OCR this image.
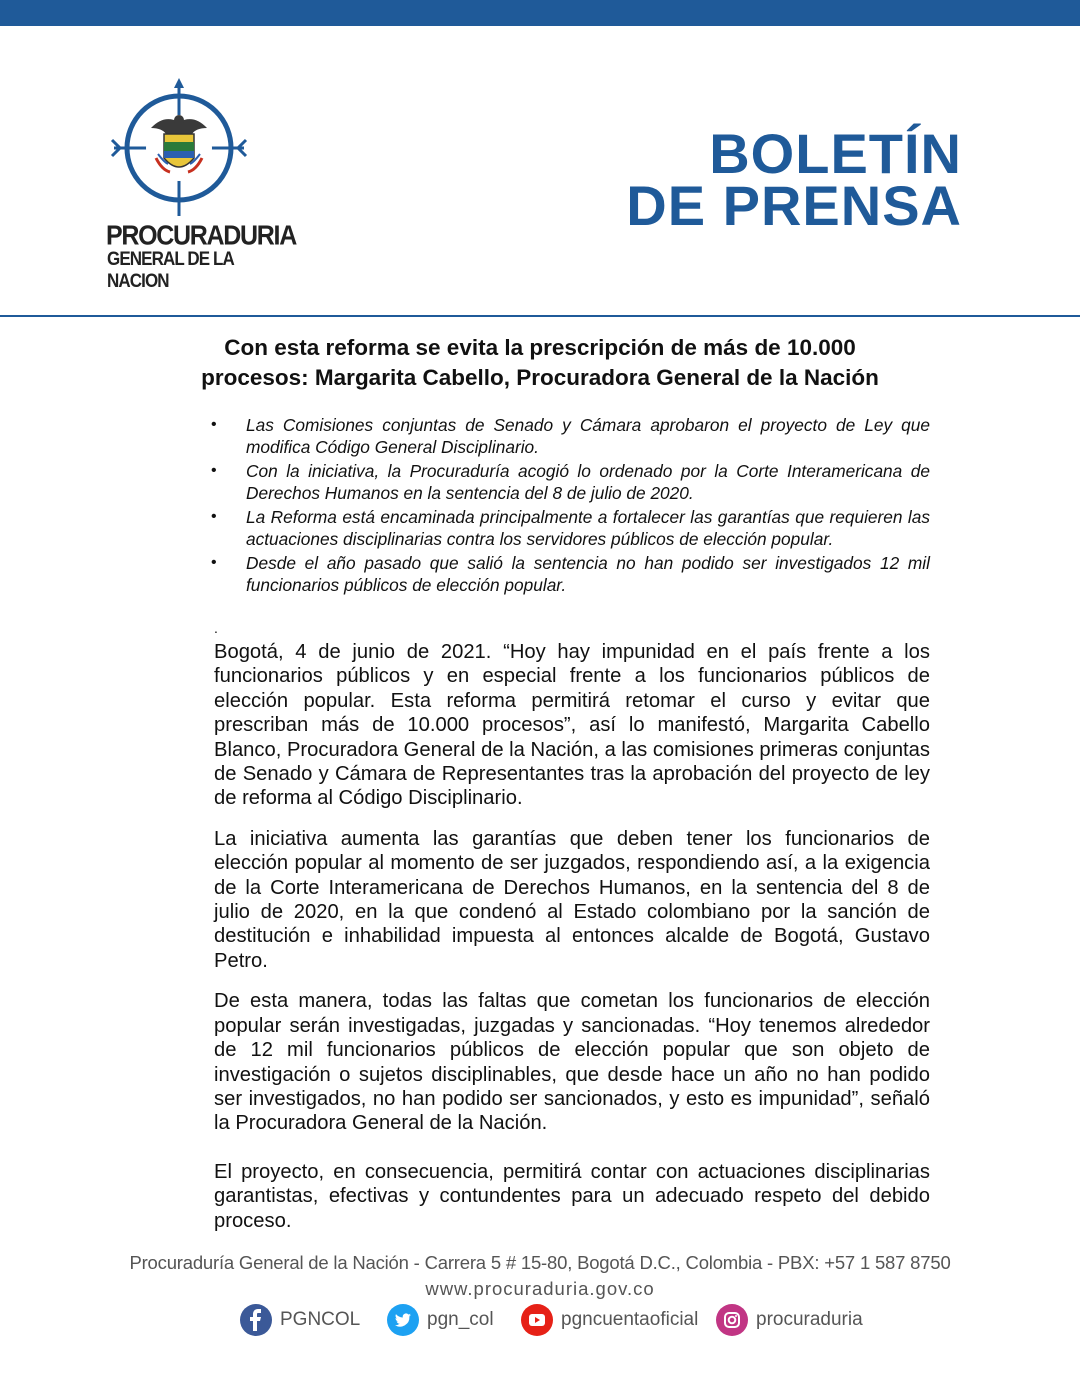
PROCURADURIA
GENERAL DE LA NACION
BOLETÍN
DE PRENSA
Con esta reforma se evita la prescripción de más de 10.000
procesos: Margarita Cabello, Procuradora General de la Nación
• Las Comisiones conjuntas de Senado y Cámara aprobaron el proyecto de Ley que modifica Código General Disciplinario.
• Con la iniciativa, la Procuraduría acogió lo ordenado por la Corte Interamericana de Derechos Humanos en la sentencia del 8 de julio de 2020.
• La Reforma está encaminada principalmente a fortalecer las garantías que requieren las actuaciones disciplinarias contra los servidores públicos de elección popular.
• Desde el año pasado que salió la sentencia no han podido ser investigados 12 mil funcionarios públicos de elección popular.
.

Bogotá, 4 de junio de 2021. “Hoy hay impunidad en el país frente a los funcionarios públicos y en especial frente a los funcionarios públicos de elección popular. Esta reforma permitirá retomar el curso y evitar que prescriban más de 10.000 procesos”, así lo manifestó, Margarita Cabello Blanco, Procuradora General de la Nación, a las comisiones primeras conjuntas de Senado y Cámara de Representantes tras la aprobación del proyecto de ley de reforma al Código Disciplinario.

La iniciativa aumenta las garantías que deben tener los funcionarios de elección popular al momento de ser juzgados, respondiendo así, a la exigencia de la Corte Interamericana de Derechos Humanos, en la sentencia del 8 de julio de 2020, en la que condenó al Estado colombiano por la sanción de destitución e inhabilidad impuesta al entonces alcalde de Bogotá, Gustavo Petro.

De esta manera, todas las faltas que cometan los funcionarios de elección popular serán investigadas, juzgadas y sancionadas. “Hoy tenemos alrededor de 12 mil funcionarios públicos de elección popular que son objeto de investigación o sujetos disciplinables, que desde hace un año no han podido ser investigados, no han podido ser sancionados, y esto es impunidad”, señaló la Procuradora General de la Nación.

El proyecto, en consecuencia, permitirá contar con actuaciones disciplinarias garantistas, efectivas y contundentes para un adecuado respeto del debido proceso.

Procuraduría General de la Nación - Carrera 5 # 15-80, Bogotá D.C., Colombia - PBX: +57 1 587 8750
www.procuraduria.gov.co
PGNCOL	pgn_col	pgncuentaoficial	procuraduria
